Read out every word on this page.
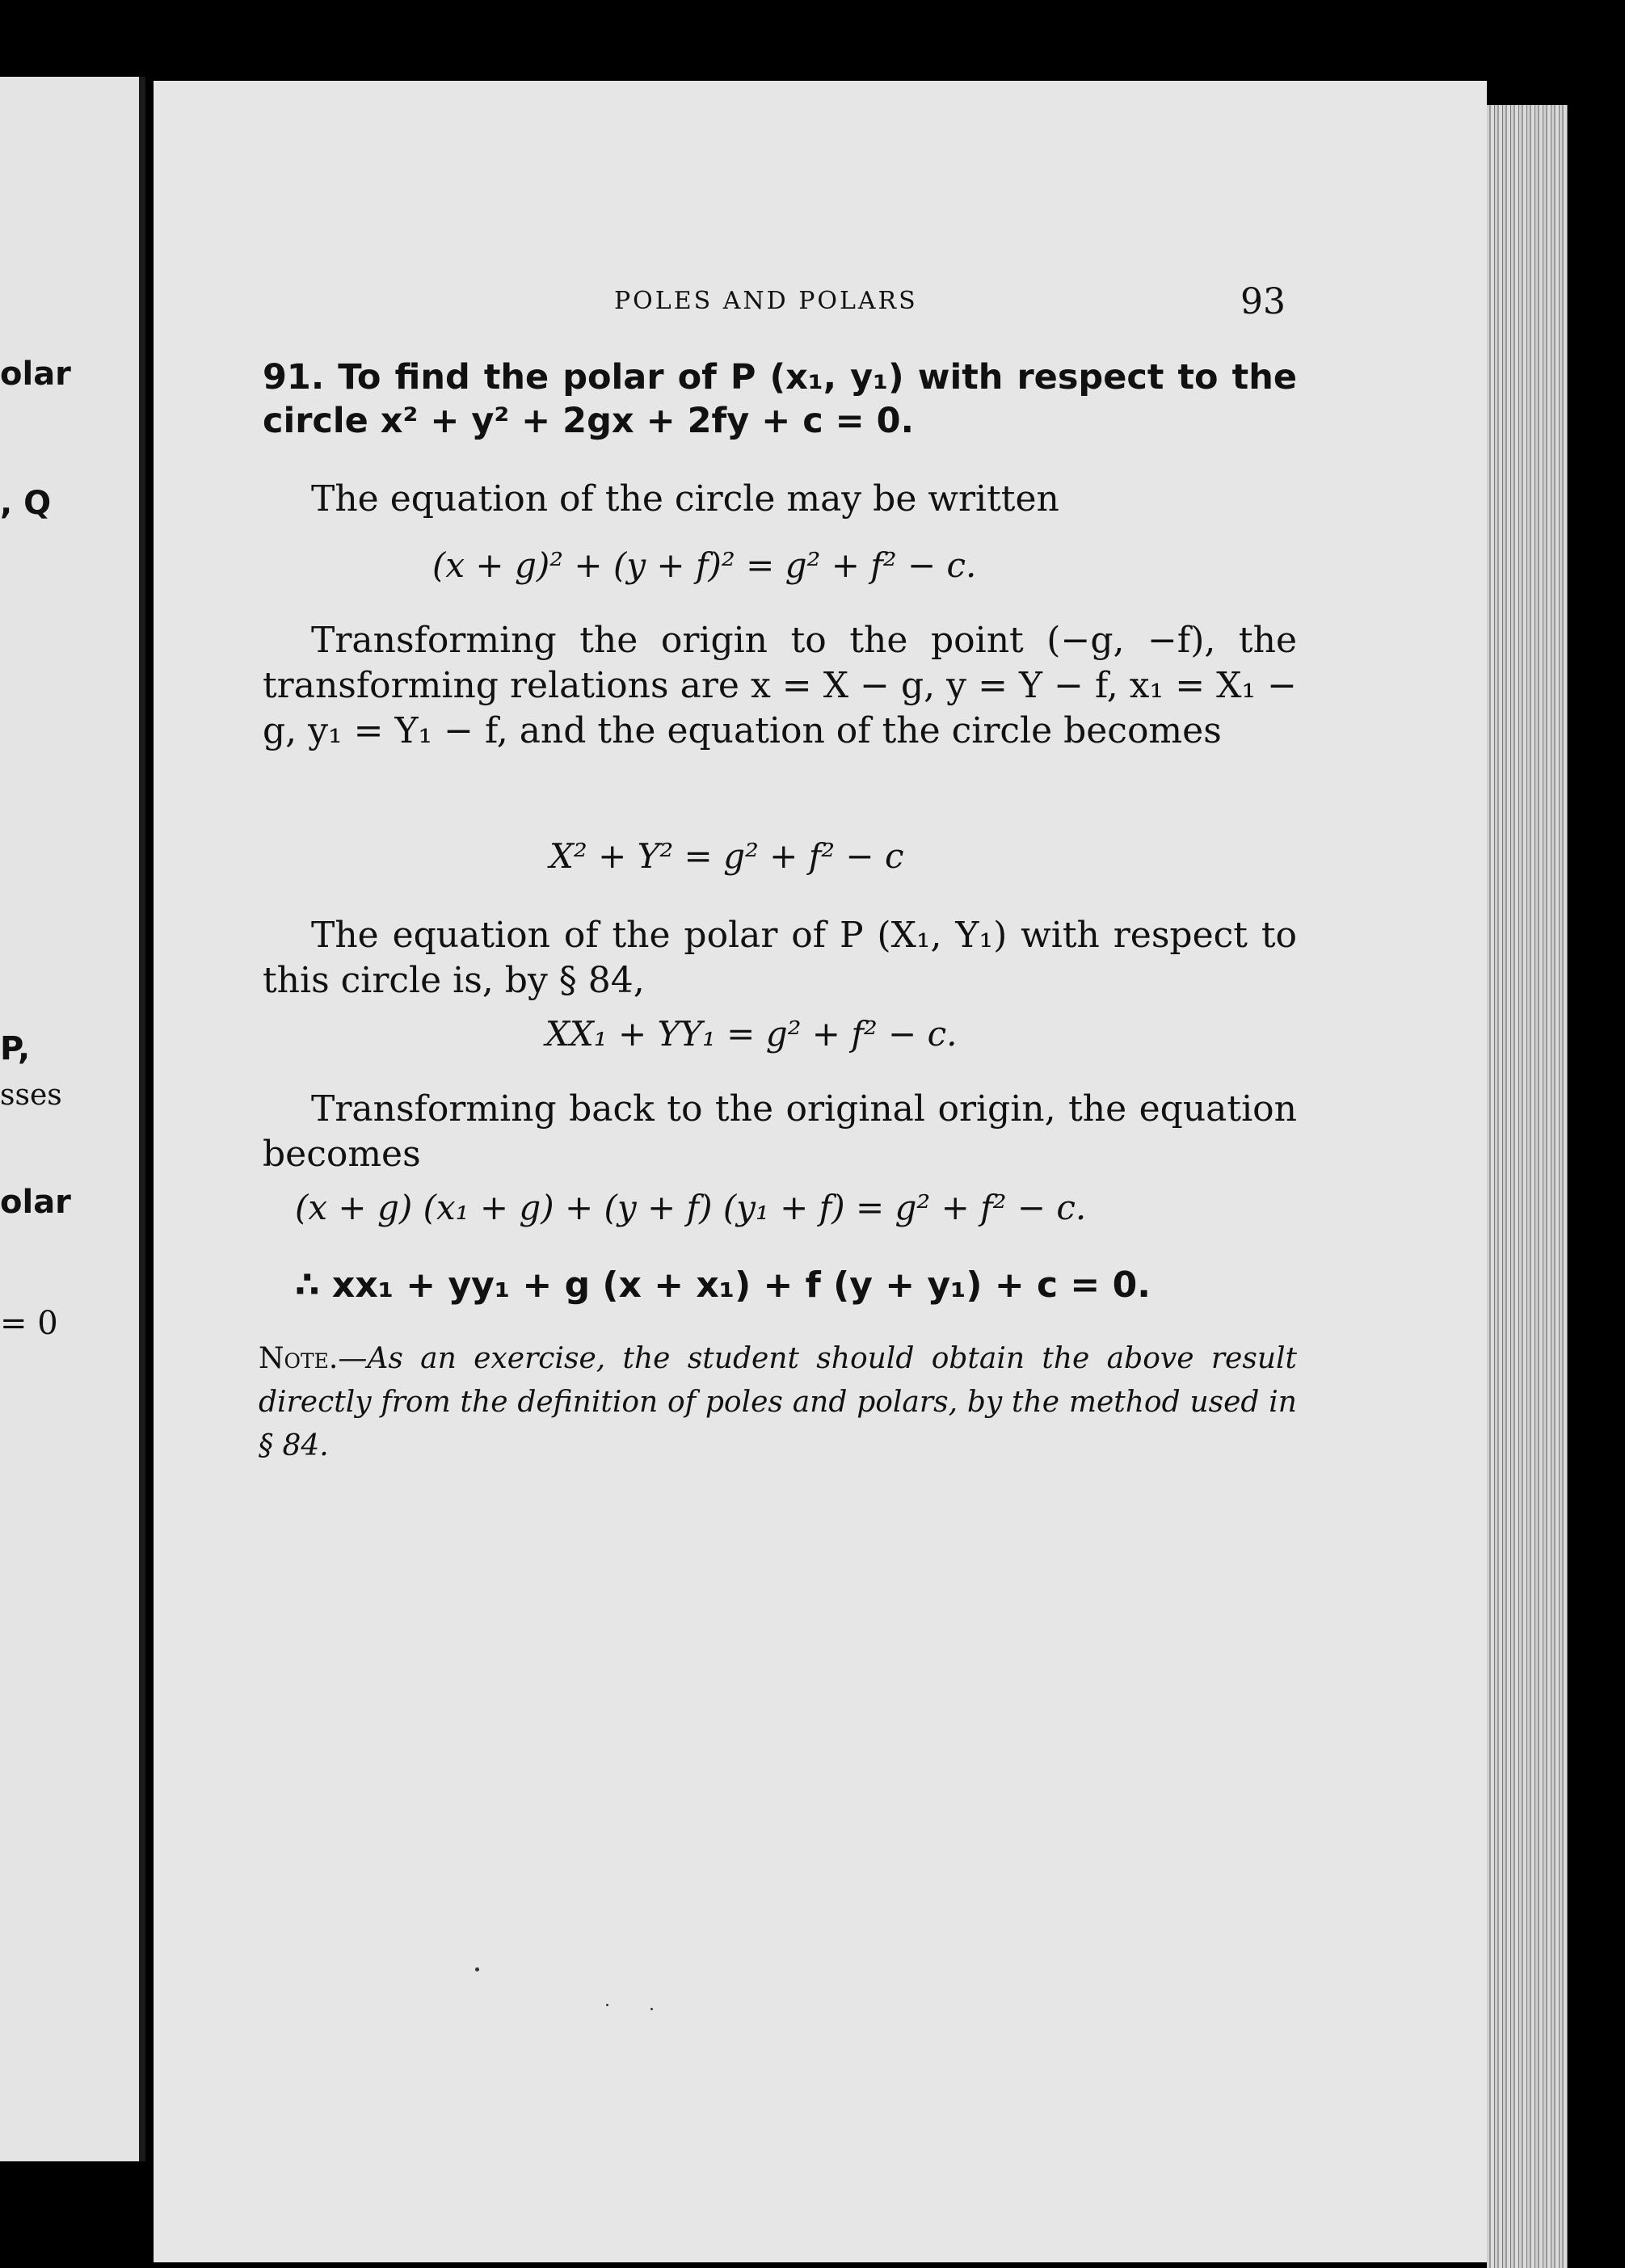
olar
, Q
P,
sses
olar
= 0
POLES AND POLARS	93
91. To find the polar of P (x₁, y₁) with respect to the circle x² + y² + 2gx + 2fy + c = 0.
The equation of the circle may be written
(x + g)² + (y + f)² = g² + f² − c.
Transforming the origin to the point (−g, −f), the transforming relations are x = X − g, y = Y − f, x₁ = X₁ − g, y₁ = Y₁ − f, and the equation of the circle becomes
X² + Y² = g² + f² − c
The equation of the polar of P (X₁, Y₁) with respect to this circle is, by § 84,
XX₁ + YY₁ = g² + f² − c.
Transforming back to the original origin, the equation becomes
(x + g) (x₁ + g) + (y + f) (y₁ + f) = g² + f² − c.
∴ xx₁ + yy₁ + g (x + x₁) + f (y + y₁) + c = 0.
Note.—As an exercise, the student should obtain the above result directly from the definition of poles and polars, by the method used in § 84.
